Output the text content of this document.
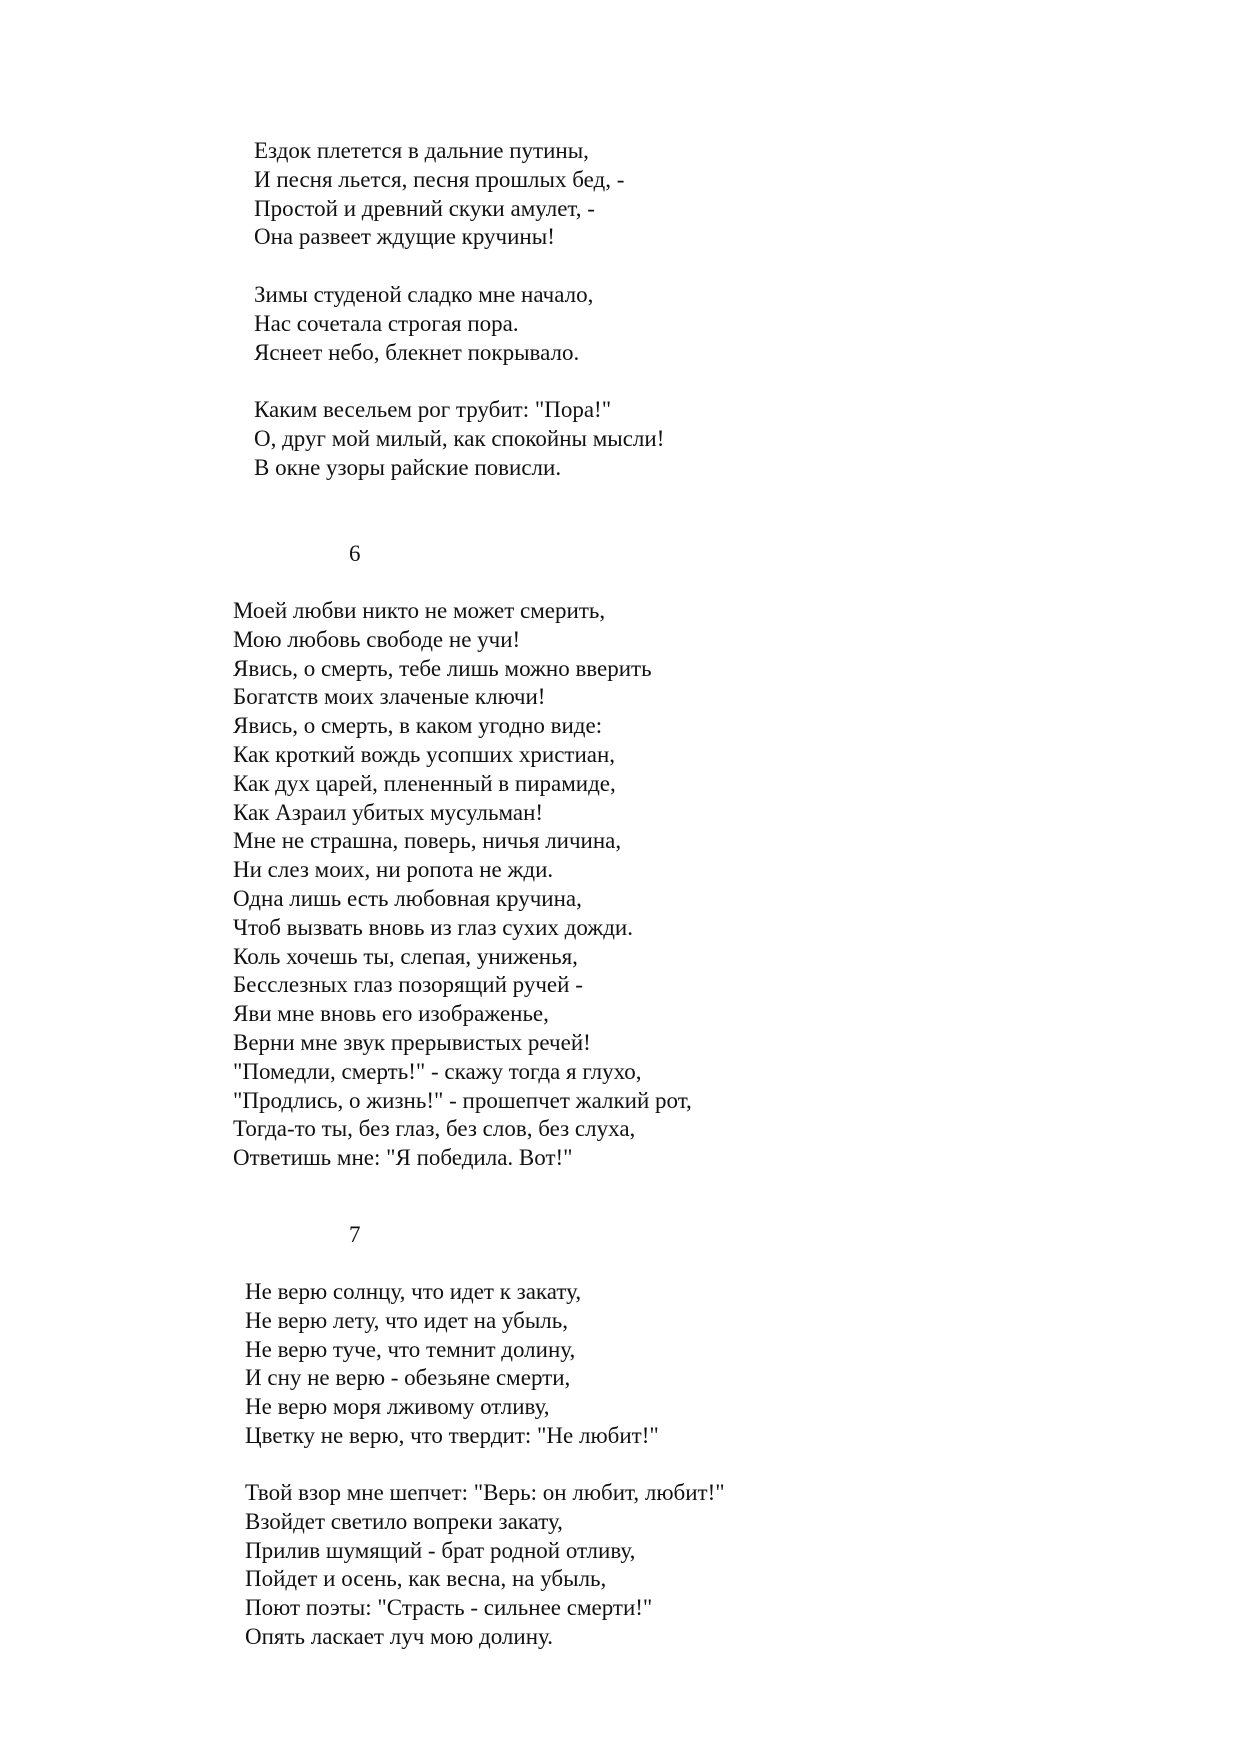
Ездок плетется в дальние путины,
И песня льется, песня прошлых бед, -
Простой и древний скуки амулет, -
Она развеет ждущие кручины!
Зимы студеной сладко мне начало,
Нас сочетала строгая пора.
Яснеет небо, блекнет покрывало.
Каким весельем рог трубит: "Пора!"
О, друг мой милый, как спокойны мысли!
В окне узоры райские повисли.
6
Моей любви никто не может смерить,
Мою любовь свободе не учи!
Явись, о смерть, тебе лишь можно вверить
Богатств моих злаченые ключи!
Явись, о смерть, в каком угодно виде:
Как кроткий вождь усопших христиан,
Как дух царей, плененный в пирамиде,
Как Азраил убитых мусульман!
Мне не страшна, поверь, ничья личина,
Ни слез моих, ни ропота не жди.
Одна лишь есть любовная кручина,
Чтоб вызвать вновь из глаз сухих дожди.
Коль хочешь ты, слепая, униженья,
Бесслезных глаз позорящий ручей -
Яви мне вновь его изображенье,
Верни мне звук прерывистых речей!
"Помедли, смерть!" - скажу тогда я глухо,
"Продлись, о жизнь!" - прошепчет жалкий рот,
Тогда-то ты, без глаз, без слов, без слуха,
Ответишь мне: "Я победила. Вот!"
7
Не верю солнцу, что идет к закату,
Не верю лету, что идет на убыль,
Не верю туче, что темнит долину,
И сну не верю - обезьяне смерти,
Не верю моря лживому отливу,
Цветку не верю, что твердит: "Не любит!"
Твой взор мне шепчет: "Верь: он любит, любит!"
Взойдет светило вопреки закату,
Прилив шумящий - брат родной отливу,
Пойдет и осень, как весна, на убыль,
Поют поэты: "Страсть - сильнее смерти!"
Опять ласкает луч мою долину.
